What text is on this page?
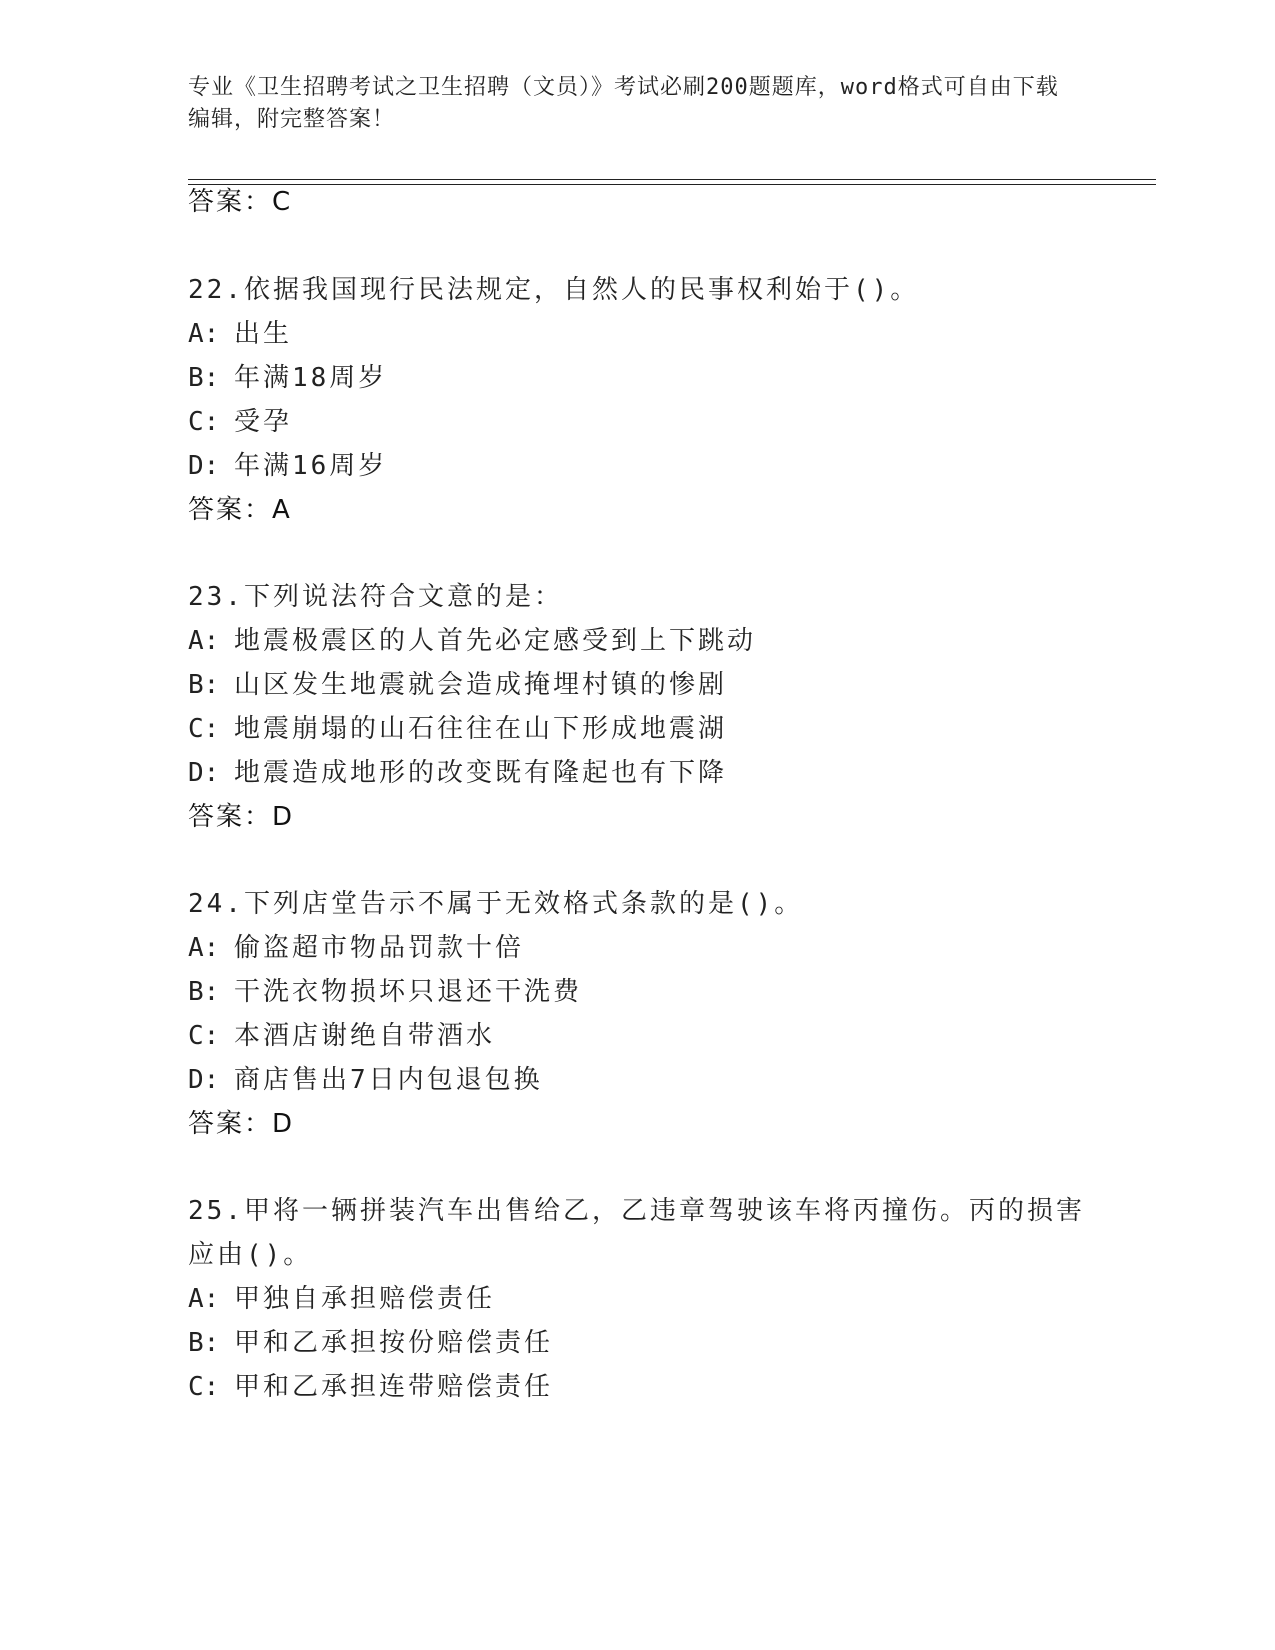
专业《卫生招聘考试之卫生招聘（文员）》考试必刷200题题库，word格式可自由下载编辑，附完整答案！
答案：C
22.依据我国现行民法规定，自然人的民事权利始于()。
A: 出生
B: 年满18周岁
C: 受孕
D: 年满16周岁
答案：A
23.下列说法符合文意的是：
A: 地震极震区的人首先必定感受到上下跳动
B: 山区发生地震就会造成掩埋村镇的惨剧
C: 地震崩塌的山石往往在山下形成地震湖
D: 地震造成地形的改变既有隆起也有下降
答案：D
24.下列店堂告示不属于无效格式条款的是()。
A: 偷盗超市物品罚款十倍
B: 干洗衣物损坏只退还干洗费
C: 本酒店谢绝自带酒水
D: 商店售出7日内包退包换
答案：D
25.甲将一辆拼装汽车出售给乙，乙违章驾驶该车将丙撞伤。丙的损害
应由()。
A: 甲独自承担赔偿责任
B: 甲和乙承担按份赔偿责任
C: 甲和乙承担连带赔偿责任
